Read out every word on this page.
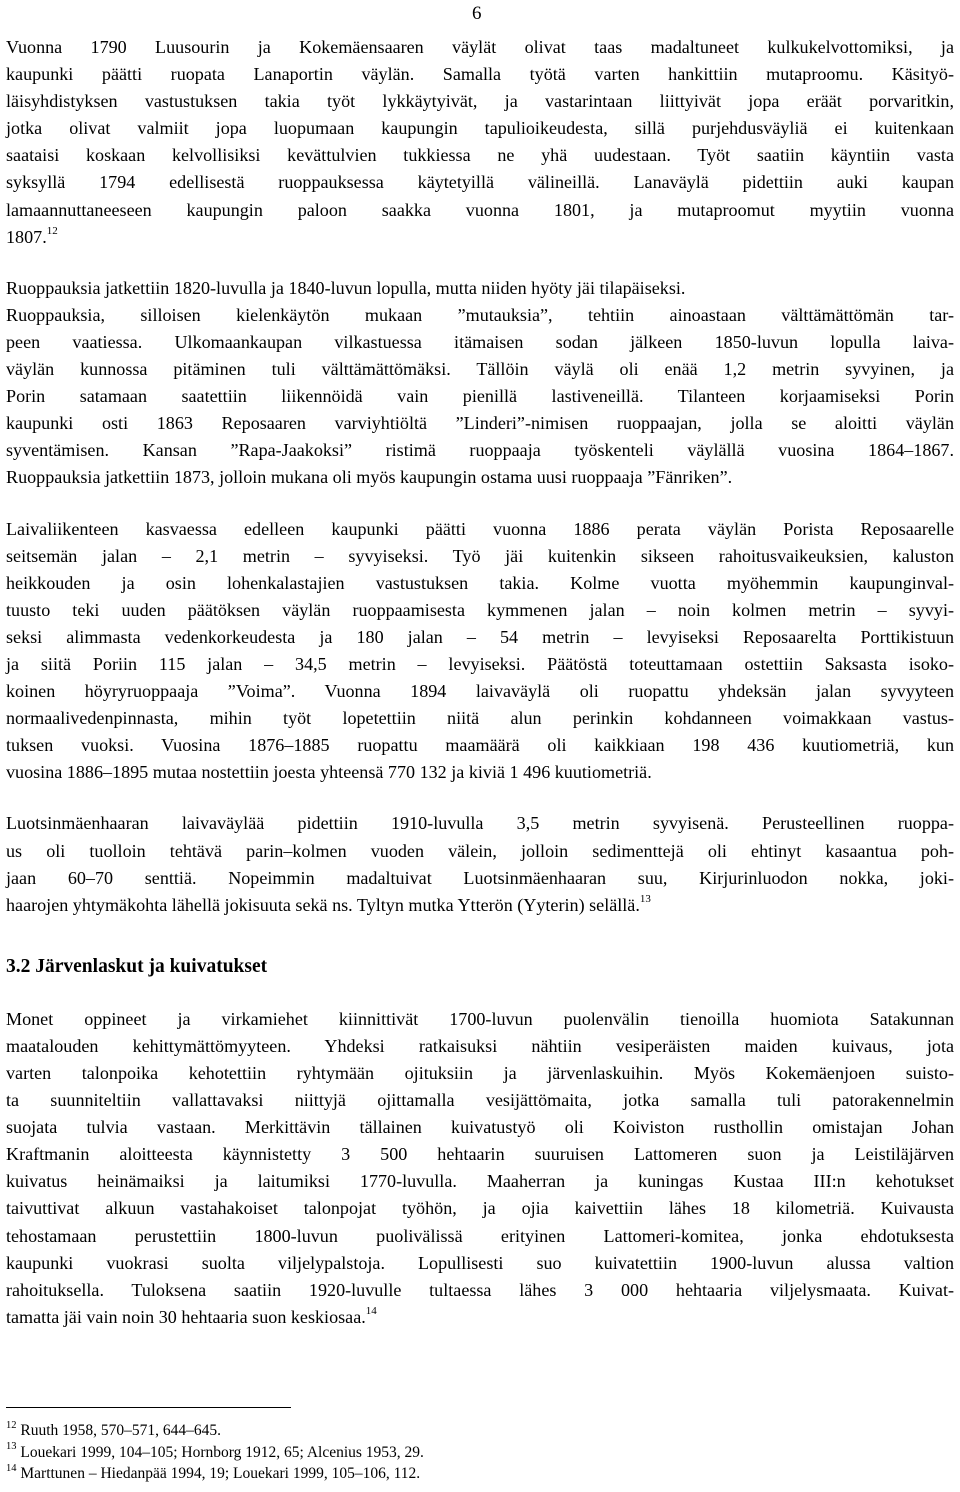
6
Vuonna 1790 Luusourin ja Kokemäensaaren väylät olivat taas madaltuneet kulkukelvottomiksi, ja
kaupunki päätti ruopata Lanaportin väylän. Samalla työtä varten hankittiin mutaproomu. Käsityö-
läisyhdistyksen vastustuksen takia työt lykkäytyivät, ja vastarintaan liittyivät jopa eräät porvaritkin,
jotka olivat valmiit jopa luopumaan kaupungin tapulioikeudesta, sillä purjehdusväyliä ei kuitenkaan
saataisi koskaan kelvollisiksi kevättulvien tukkiessa ne yhä uudestaan. Työt saatiin käyntiin vasta
syksyllä 1794 edellisestä ruoppauksessa käytetyillä välineillä. Lanaväylä pidettiin auki kaupan
lamaannuttaneeseen kaupungin paloon saakka vuonna 1801, ja mutaproomut myytiin vuonna
1807.12
Ruoppauksia jatkettiin 1820-luvulla ja 1840-luvun lopulla, mutta niiden hyöty jäi tilapäiseksi.
Ruoppauksia, silloisen kielenkäytön mukaan ”mutauksia”, tehtiin ainoastaan välttämättömän tar-
peen vaatiessa. Ulkomaankaupan vilkastuessa itämaisen sodan jälkeen 1850-luvun lopulla laiva-
väylän kunnossa pitäminen tuli välttämättömäksi. Tällöin väylä oli enää 1,2 metrin syvyinen, ja
Porin satamaan saatettiin liikennöidä vain pienillä lastiveneillä. Tilanteen korjaamiseksi Porin
kaupunki osti 1863 Reposaaren varviyhtiöltä ”Linderi”-nimisen ruoppaajan, jolla se aloitti väylän
syventämisen. Kansan ”Rapa-Jaakoksi” ristimä ruoppaaja työskenteli väylällä vuosina 1864–1867.
Ruoppauksia jatkettiin 1873, jolloin mukana oli myös kaupungin ostama uusi ruoppaaja ”Fänriken”.
Laivaliikenteen kasvaessa edelleen kaupunki päätti vuonna 1886 perata väylän Porista Reposaarelle
seitsemän jalan – 2,1 metrin – syvyiseksi. Työ jäi kuitenkin sikseen rahoitusvaikeuksien, kaluston
heikkouden ja osin lohenkalastajien vastustuksen takia. Kolme vuotta myöhemmin kaupunginval-
tuusto teki uuden päätöksen väylän ruoppaamisesta kymmenen jalan – noin kolmen metrin – syvyi-
seksi alimmasta vedenkorkeudesta ja 180 jalan – 54 metrin – levyiseksi Reposaarelta Porttikistuun
ja siitä Poriin 115 jalan – 34,5 metrin – levyiseksi. Päätöstä toteuttamaan ostettiin Saksasta isoko-
koinen höyryruoppaaja ”Voima”. Vuonna 1894 laivaväylä oli ruopattu yhdeksän jalan syvyyteen
normaalivedenpinnasta, mihin työt lopetettiin niitä alun perinkin kohdanneen voimakkaan vastus-
tuksen vuoksi. Vuosina 1876–1885 ruopattu maamäärä oli kaikkiaan 198 436 kuutiometriä, kun
vuosina 1886–1895 mutaa nostettiin joesta yhteensä 770 132 ja kiviä 1 496 kuutiometriä.
Luotsinmäenhaaran laivaväylää pidettiin 1910-luvulla 3,5 metrin syvyisenä. Perusteellinen ruoppa-
us oli tuolloin tehtävä parin–kolmen vuoden välein, jolloin sedimenttejä oli ehtinyt kasaantua poh-
jaan 60–70 senttiä. Nopeimmin madaltuivat Luotsinmäenhaaran suu, Kirjurinluodon nokka, joki-
haarojen yhtymäkohta lähellä jokisuuta sekä ns. Tyltyn mutka Ytterön (Yyterin) selällä.$^{13}$
3.2 Järvenlaskut ja kuivatukset
Monet oppineet ja virkamiehet kiinnittivät 1700-luvun puolenvälin tienoilla huomiota Satakunnan
maatalouden kehittymättömyyteen. Yhdeksi ratkaisuksi nähtiin vesiperäisten maiden kuivaus, jota
varten talonpoika kehotettiin ryhtymään ojituksiin ja järvenlaskuihin. Myös Kokemäenjoen suisto-
ta suunniteltiin vallattavaksi niittyjä ojittamalla vesijättömaita, jotka samalla tuli patorakennelmin
suojata tulvia vastaan. Merkittävin tällainen kuivatustyö oli Koiviston rusthollin omistajan Johan
Kraftmanin aloitteesta käynnistetty 3 500 hehtaarin suuruisen Lattomeren suon ja Leistiläjärven
kuivatus heinämaiksi ja laitumiksi 1770-luvulla. Maaherran ja kuningas Kustaa III:n kehotukset
taivuttivat alkuun vastahakoiset talonpojat työhön, ja ojia kaivettiin lähes 18 kilometriä. Kuivausta
tehostamaan perustettiin 1800-luvun puolivälissä erityinen Lattomeri-komitea, jonka ehdotuksesta
kaupunki vuokrasi suolta viljelypalstoja. Lopullisesti suo kuivatettiin 1900-luvun alussa valtion
rahoituksella. Tuloksena saatiin 1920-luvulle tultaessa lähes 3 000 hehtaaria viljelysmaata. Kuivat-
tamatta jäi vain noin 30 hehtaaria suon keskiosaa.$^{14}$
$^{12}$ Ruuth 1958, 570–571, 644–645.
$^{13}$ Louekari 1999, 104–105; Hornborg 1912, 65; Alcenius 1953, 29.
$^{14}$ Marttunen – Hiedanpää 1994, 19; Louekari 1999, 105–106, 112.
